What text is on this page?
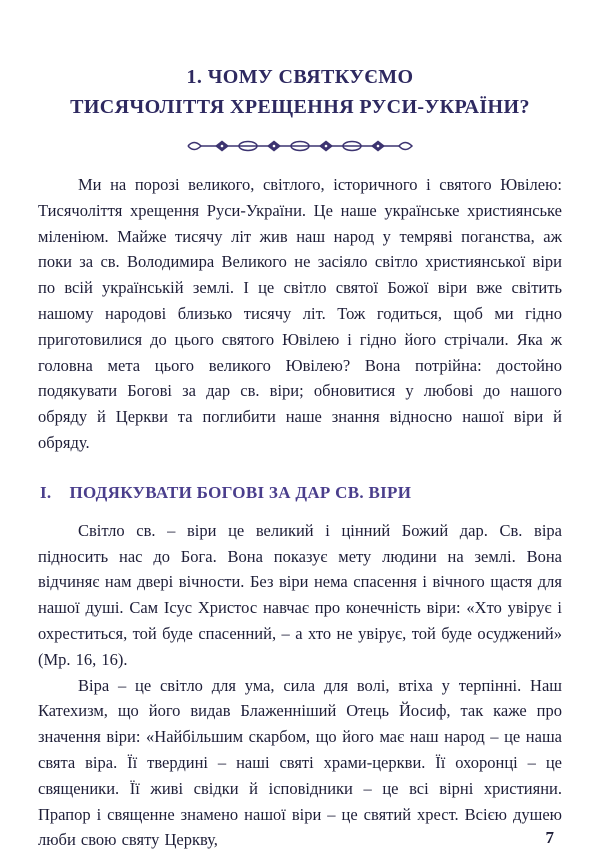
1. ЧОМУ СВЯТКУЄМО
ТИСЯЧОЛІТТЯ ХРЕЩЕННЯ РУСИ-УКРАЇНИ?

Ми на порозі великого, світлого, історичного і святого Ювілею: Тисячоліття хрещення Руси-України. Це наше українське християнське міленіюм. Майже тисячу літ жив наш народ у темряві поганства, аж поки за св. Володимира Великого не засіяло світло християнської віри по всій українській землі. І це світло святої Божої віри вже світить нашому народові близько тисячу літ. Тож годиться, щоб ми гідно приготовилися до цього святого Ювілею і гідно його стрічали. Яка ж головна мета цього великого Ювілею? Вона потрійна: достойно подякувати Богові за дар св. віри; обновитися у любові до нашого обряду й Церкви та поглибити наше знання відносно нашої віри й обряду.

І. ПОДЯКУВАТИ БОГОВІ ЗА ДАР СВ. ВІРИ

Світло св. – віри це великий і цінний Божий дар. Св. віра підносить нас до Бога. Вона показує мету людини на землі. Вона відчиняє нам двері вічности. Без віри нема спасення і вічного щастя для нашої душі. Сам Ісус Христос навчає про конечність віри: «Хто увірує і охреститься, той буде спасенний, – а хто не увірує, той буде осуджений» (Мр. 16, 16).

Віра – це світло для ума, сила для волі, втіха у терпінні. Наш Катехизм, що його видав Блаженніший Отець Йосиф, так каже про значення віри: «Найбільшим скарбом, що його має наш народ – це наша свята віра. Її твердині – наші святі храми-церкви. Її охоронці – це священики. Її живі свідки й ісповідники – це всі вірні християни. Прапор і священне знамено нашої віри – це святий хрест. Всією душею люби свою святу Церкву,	7
